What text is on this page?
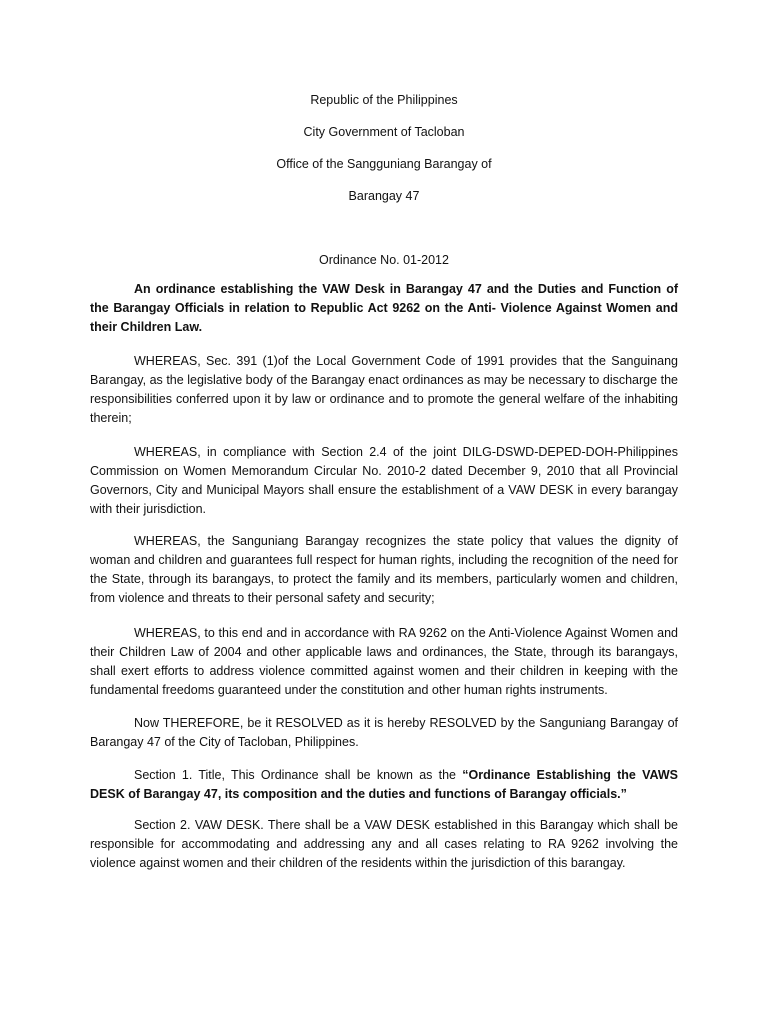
Republic of the Philippines
City Government of Tacloban
Office of the Sangguniang Barangay of
Barangay 47
Ordinance No. 01-2012
An ordinance establishing the VAW Desk in Barangay 47 and the Duties and Function of the Barangay Officials in relation to Republic Act 9262 on the Anti- Violence Against Women and their Children Law.
WHEREAS, Sec. 391 (1)of the Local Government Code of 1991 provides that the Sanguinang Barangay, as the legislative body of the Barangay enact ordinances as may be necessary to discharge the responsibilities conferred upon it by law or ordinance and to promote the general welfare of the inhabiting therein;
WHEREAS, in compliance with Section 2.4 of the joint DILG-DSWD-DEPED-DOH-Philippines Commission on Women Memorandum Circular No. 2010-2 dated December 9, 2010 that all Provincial Governors, City and Municipal Mayors shall ensure the establishment of a VAW DESK in every barangay with their jurisdiction.
WHEREAS, the Sanguniang Barangay recognizes the state policy that values the dignity of woman and children and guarantees full respect for human rights, including the recognition of the need for the State, through its barangays, to protect the family and its members, particularly women and children, from violence and threats to their personal safety and security;
WHEREAS, to this end and in accordance with RA 9262 on the Anti-Violence Against Women and their Children Law of 2004 and other applicable laws and ordinances, the State, through its barangays, shall exert efforts to address violence committed against women and their children in keeping with the fundamental freedoms guaranteed under the constitution and other human rights instruments.
Now THEREFORE, be it RESOLVED as it is hereby RESOLVED by the Sanguniang Barangay of Barangay 47 of the City of Tacloban, Philippines.
Section 1. Title, This Ordinance shall be known as the “Ordinance Establishing the VAWS DESK of Barangay 47, its composition and the duties and functions of Barangay officials.”
Section 2. VAW DESK. There shall be a VAW DESK established in this Barangay which shall be responsible for accommodating and addressing any and all cases relating to RA 9262 involving the violence against women and their children of the residents within the jurisdiction of this barangay.
